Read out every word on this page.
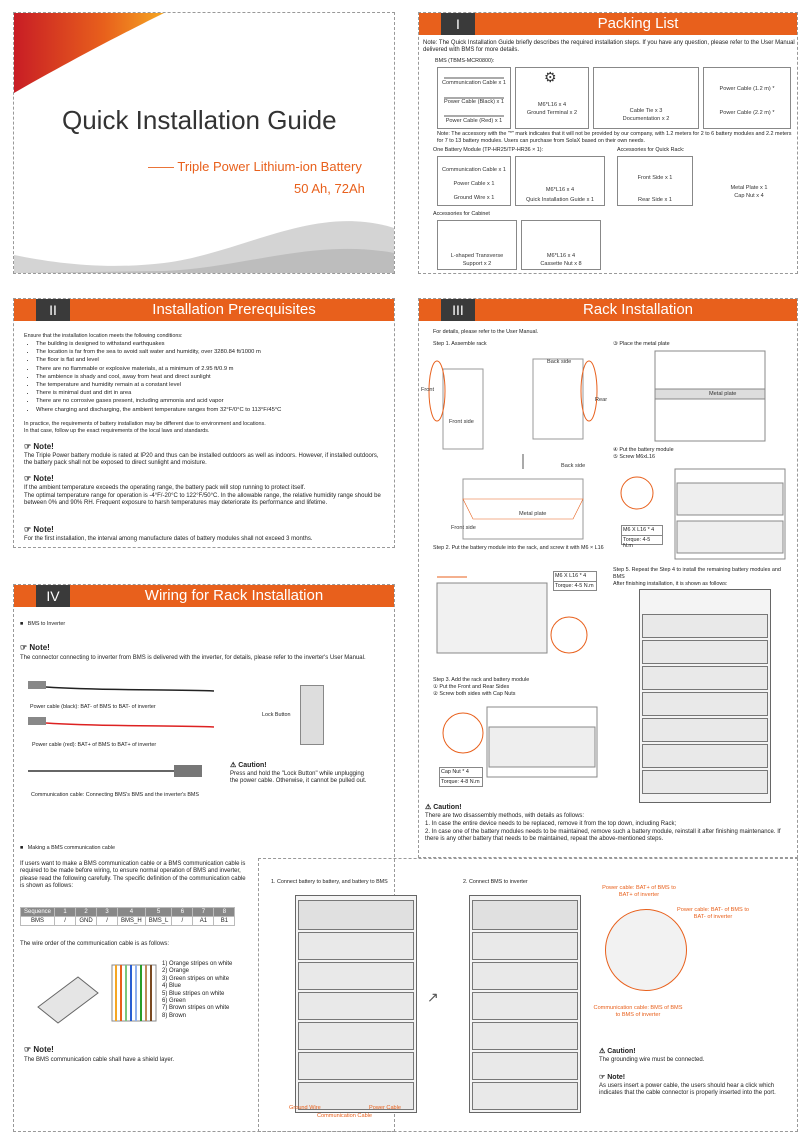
Quick Installation Guide
—— Triple Power Lithium-ion Battery
50 Ah, 72Ah
I	Packing List
Note: The Quick Installation Guide briefly describes the required installation steps. If you have any question, please refer to the User Manual delivered with BMS for more details.
BMS (TBMS-MCR0800):
Communication Cable x 1
Power Cable (Black) x 1
Power Cable (Red) x 1
⚙
M6*L16 x 4
Ground Terminal x 2	Cable Tie x 3
Documentation x 2
Power Cable (1.2 m) *
Power Cable (2.2 m) *
Note: The accessory with the "*" mark indicates that it will not be provided by our company, with 1.2 meters for 2 to 6 battery modules and 2.2 meters for 7 to 13 battery modules. Users can purchase from SolaX based on their own needs.
One Battery Module (TP-HR25/TP-HR36 × 1):
Communication Cable x 1
Power Cable x 1
Ground Wire x 1
M6*L16 x 4
Quick Installation Guide x 1
Accessories for Quick Rack:
Front Side x 1
Rear Side x 1
Metal Plate x 1
Cap Nut x 4
Accessories for Cabinet
L-shaped Transverse
Support x 2
M6*L16 x 4
Cassette Nut x 8
II	Installation Prerequisites
Ensure that the installation location meets the following conditions:
• The building is designed to withstand earthquakes
• The location is far from the sea to avoid salt water and humidity, over 3280.84 ft/1000 m
• The floor is flat and level
• There are no flammable or explosive materials, at a minimum of 2.95 ft/0.9 m
• The ambience is shady and cool, away from heat and direct sunlight
• The temperature and humidity remain at a constant level
• There is minimal dust and dirt in area
• There are no corrosive gases present, including ammonia and acid vapor
• Where charging and discharging, the ambient temperature ranges from 32°F/0°C to 113°F/45°C
In practice, the requirements of battery installation may be different due to environment and locations.
In that case, follow up the exact requirements of the local laws and standards.
☞ Note!
The Triple Power battery module is rated at IP20 and thus can be installed outdoors as well as indoors. However, if installed outdoors, the battery pack shall not be exposed to direct sunlight and moisture.
☞ Note!
If the ambient temperature exceeds the operating range, the battery pack will stop running to protect itself.
The optimal temperature range for operation is -4°F/-20°C to 122°F/50°C. In the allowable range, the relative humidity range should be between 0% and 90% RH. Frequent exposure to harsh temperatures may deteriorate its performance and lifetime.
☞ Note!
For the first installation, the interval among manufacture dates of battery modules shall not exceed 3 months.
III	Rack Installation
For details, please refer to the User Manual.
Step 1. Assemble rack
Back side
Front
Rear
Front side
Back side
Metal plate
Front side
③ Place the metal plate
Metal plate
④ Put the battery module
⑤ Screw M6xL16
M6 X L16 * 4
Torque: 4-5 N.m
Step 2. Put the battery module into the rack, and screw it with M6 × L16
M6 X L16 * 4
Torque: 4-5 N.m
Step 3. Add the rack and battery module
① Put the Front and Rear Sides
② Screw both sides with Cap Nuts
Cap Nut * 4
Torque: 4-8 N.m
Step 5. Repeat the Step 4 to install the remaining battery modules and BMS
After finishing installation, it is shown as follows:
⚠ Caution!
There are two disassembly methods, with details as follows:
1. In case the entire device needs to be replaced, remove it from the top down, including Rack;
2. In case one of the battery modules needs to be maintained, remove such a battery module, reinstall it after finishing maintenance. If there is any other battery that needs to be maintained, repeat the above-mentioned steps.
IV	Wiring for Rack Installation
■   BMS to Inverter
☞ Note!
The connector connecting to inverter from BMS is delivered with the inverter, for details, please refer to the inverter's User Manual.
Power cable (black): BAT- of BMS to BAT- of inverter
Power cable (red): BAT+ of BMS to BAT+ of inverter
Communication cable: Connecting BMS's BMS and the inverter's BMS
Lock Button
⚠ Caution!
Press and hold the "Lock Button" while unplugging the power cable. Otherwise, it cannot be pulled out.
■   Making a BMS communication cable
If users want to make a BMS communication cable or a BMS communication cable is required to be made before wiring, to ensure normal operation of BMS and inverter, please read the following carefully. The specific definition of the communication cable is shown as follows:
Sequence	1	2	3	4	5	6	7	8
BMS	/	GND	/	BMS_H	BMS_L	/	A1	B1
The wire order of the communication cable is as follows:
1) Orange stripes on white
2) Orange
3) Green stripes on white
4) Blue
5) Blue stripes on white
6) Green
7) Brown stripes on white
8) Brown
☞ Note!
The BMS communication cable shall have a shield layer.
1. Connect battery to battery, and battery to BMS	2. Connect BMS to inverter
↗
Ground Wire
Communication Cable
Power Cable
Power cable: BAT+ of BMS to BAT+ of inverter
Power cable: BAT- of BMS to BAT- of inverter
Communication cable: BMS of BMS to BMS of inverter
⚠ Caution!
The grounding wire must be connected.
☞ Note!
As users insert a power cable, the users should hear a click which indicates that the cable connector is properly inserted into the port.
